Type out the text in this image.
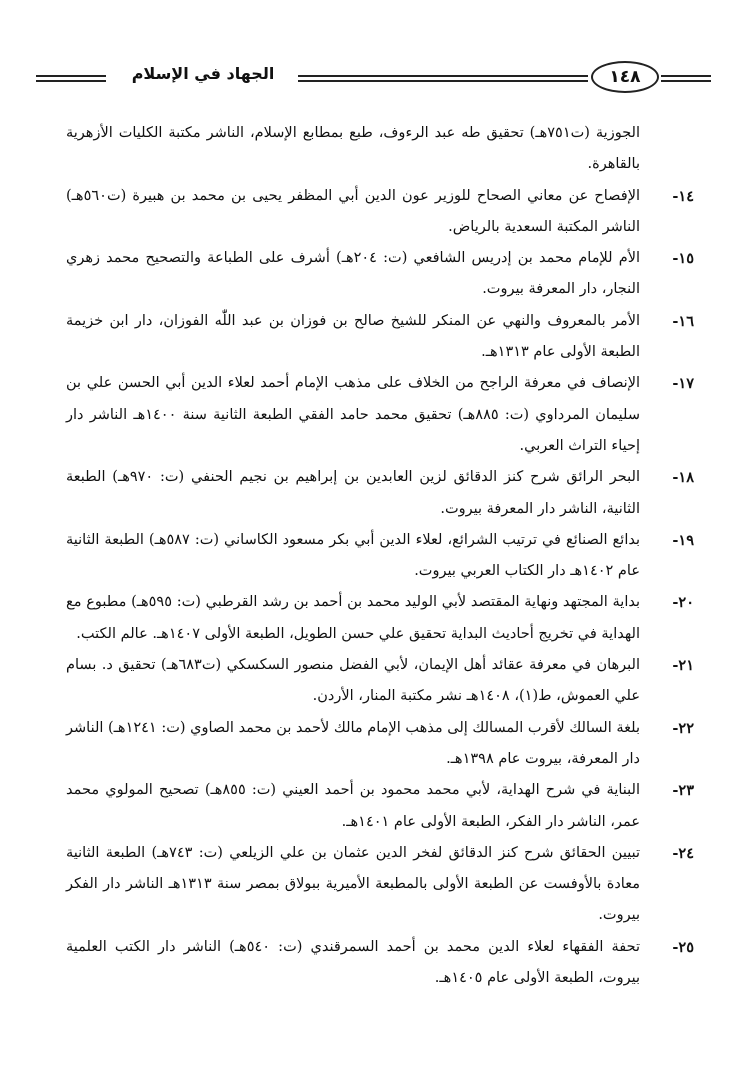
الجهاد في الإسلام	١٤٨

الجوزية (ت٧٥١هـ) تحقيق طه عبد الرءوف، طبع بمطابع الإسلام، الناشر مكتبة الكليات الأزهرية بالقاهرة.

١٤-
الإفصاح عن معاني الصحاح للوزير عون الدين أبي المظفر يحيى بن محمد بن هبيرة (ت٥٦٠هـ) الناشر المكتبة السعدية بالرياض.

١٥-
الأم للإمام محمد بن إدريس الشافعي (ت: ٢٠٤هـ) أشرف على الطباعة والتصحيح محمد زهري النجار، دار المعرفة بيروت.

١٦-
الأمر بالمعروف والنهي عن المنكر للشيخ صالح بن فوزان بن عبد اللّٰه الفوزان، دار ابن خزيمة الطبعة الأولى عام ١٣١٣هـ.

١٧-
الإنصاف في معرفة الراجح من الخلاف على مذهب الإمام أحمد لعلاء الدين أبي الحسن علي بن سليمان المرداوي (ت: ٨٨٥هـ) تحقيق محمد حامد الفقي الطبعة الثانية سنة ١٤٠٠هـ الناشر دار إحياء التراث العربي.

١٨-
البحر الرائق شرح كنز الدقائق لزين العابدين بن إبراهيم بن نجيم الحنفي (ت: ٩٧٠هـ) الطبعة الثانية، الناشر دار المعرفة بيروت.

١٩-
بدائع الصنائع في ترتيب الشرائع، لعلاء الدين أبي بكر مسعود الكاساني (ت: ٥٨٧هـ) الطبعة الثانية عام ١٤٠٢هـ دار الكتاب العربي بيروت.

٢٠-
بداية المجتهد ونهاية المقتصد لأبي الوليد محمد بن أحمد بن رشد القرطبي (ت: ٥٩٥هـ) مطبوع مع الهداية في تخريج أحاديث البداية تحقيق علي حسن الطويل، الطبعة الأولى ١٤٠٧هـ. عالم الكتب.

٢١-
البرهان في معرفة عقائد أهل الإيمان، لأبي الفضل منصور السكسكي (ت٦٨٣هـ) تحقيق د. بسام علي العموش، ط(١)، ١٤٠٨هـ نشر مكتبة المنار، الأردن.

٢٢-
بلغة السالك لأقرب المسالك إلى مذهب الإمام مالك لأحمد بن محمد الصاوي (ت: ١٢٤١هـ) الناشر دار المعرفة، بيروت عام ١٣٩٨هـ.

٢٣-
البناية في شرح الهداية، لأبي محمد محمود بن أحمد العيني (ت: ٨٥٥هـ) تصحيح المولوي محمد عمر، الناشر دار الفكر، الطبعة الأولى عام ١٤٠١هـ.

٢٤-
تبيين الحقائق شرح كنز الدقائق لفخر الدين عثمان بن علي الزيلعي (ت: ٧٤٣هـ) الطبعة الثانية معادة بالأوفست عن الطبعة الأولى بالمطبعة الأميرية ببولاق بمصر سنة ١٣١٣هـ الناشر دار الفكر بيروت.

٢٥-
تحفة الفقهاء لعلاء الدين محمد بن أحمد السمرقندي (ت: ٥٤٠هـ) الناشر دار الكتب العلمية بيروت، الطبعة الأولى عام ١٤٠٥هـ.
